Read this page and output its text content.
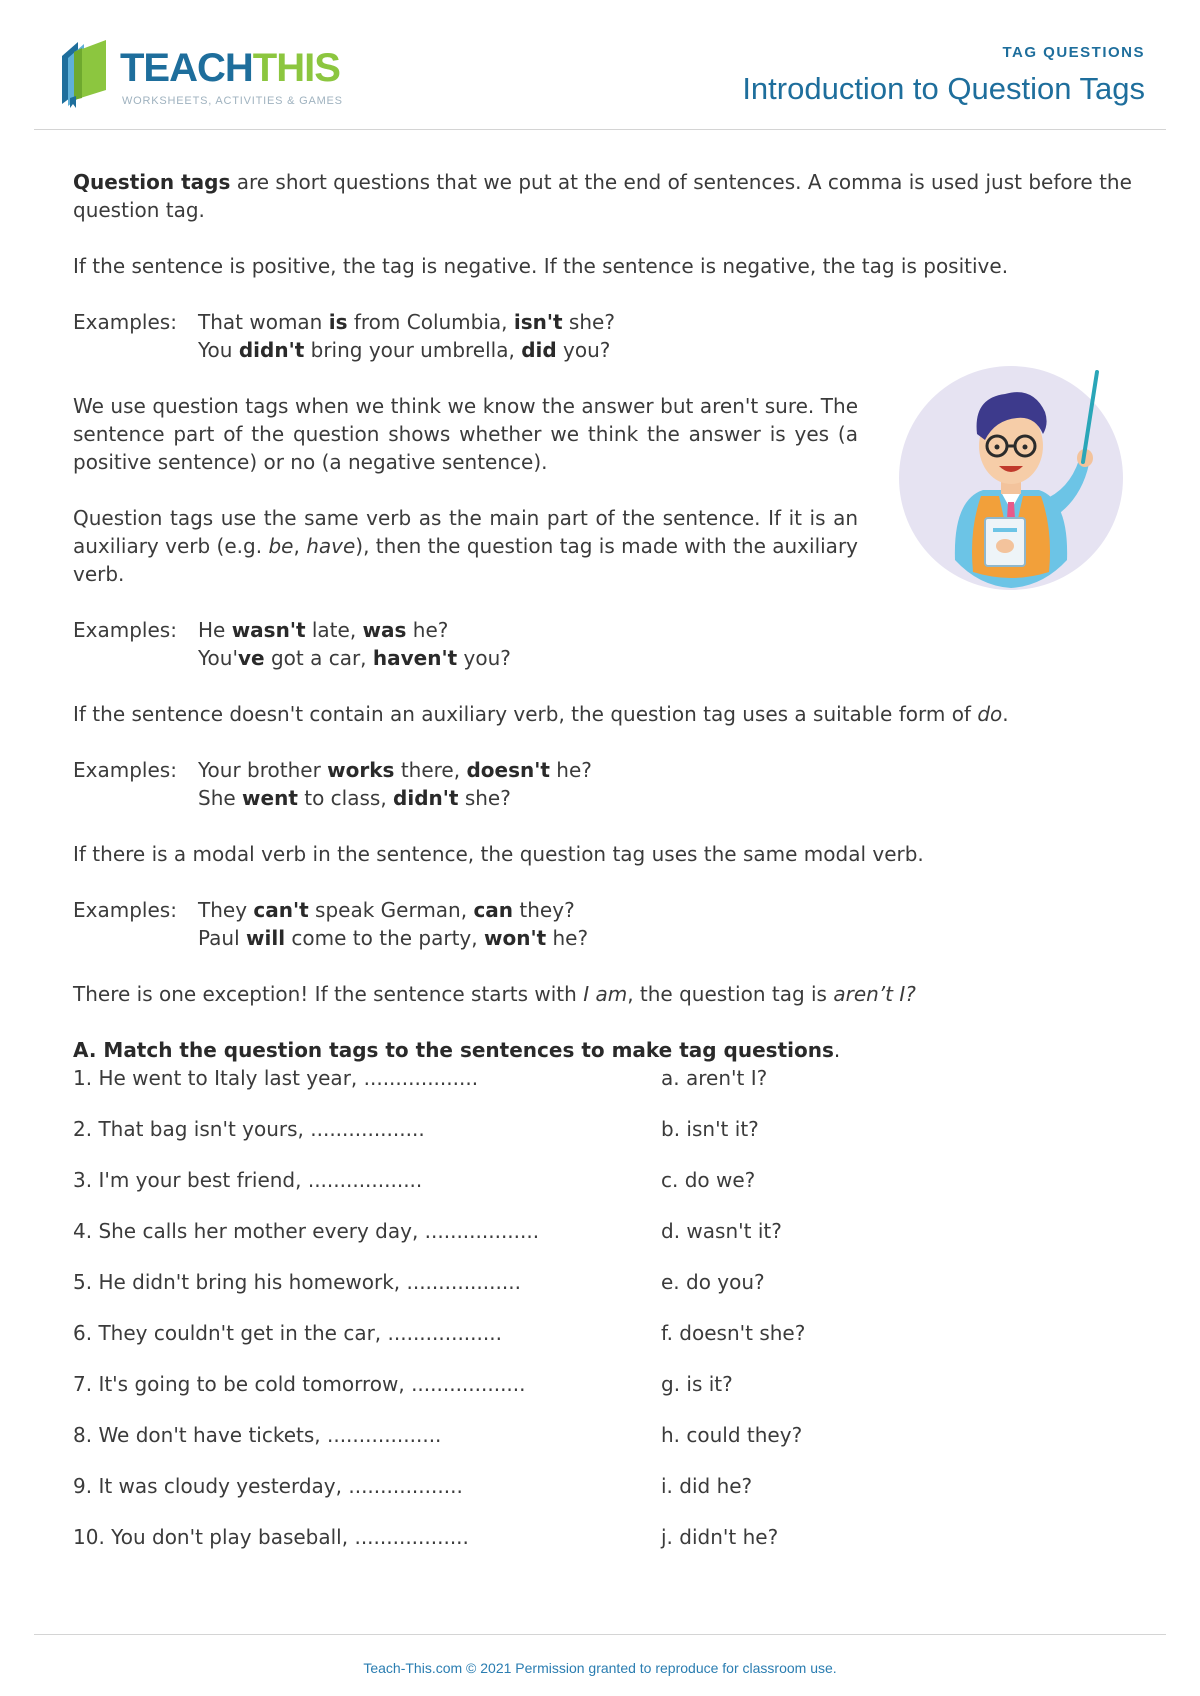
TEACHTHIS
WORKSHEETS, ACTIVITIES & GAMES
TAG QUESTIONS
Introduction to Question Tags

Question tags are short questions that we put at the end of sentences. A comma is used just before the question tag.

If the sentence is positive, the tag is negative. If the sentence is negative, the tag is positive.

Examples:	That woman is from Columbia, isn't she?
You didn't bring your umbrella, did you?

We use question tags when we think we know the answer but aren't sure. The sentence part of the question shows whether we think the answer is yes (a positive sentence) or no (a negative sentence).

Question tags use the same verb as the main part of the sentence. If it is an auxiliary verb (e.g. be, have), then the question tag is made with the auxiliary verb.

Examples:	He wasn't late, was he?
You've got a car, haven't you?

If the sentence doesn't contain an auxiliary verb, the question tag uses a suitable form of do.

Examples:	Your brother works there, doesn't he?
She went to class, didn't she?

If there is a modal verb in the sentence, the question tag uses the same modal verb.

Examples:	They can't speak German, can they?
Paul will come to the party, won't he?

There is one exception! If the sentence starts with I am, the question tag is aren’t I?

A. Match the question tags to the sentences to make tag questions.

1. He went to Italy last year, ..................	a. aren't I?
2. That bag isn't yours, ..................	b. isn't it?
3. I'm your best friend, ..................	c. do we?
4. She calls her mother every day, ..................	d. wasn't it?
5. He didn't bring his homework, ..................	e. do you?
6. They couldn't get in the car, ..................	f. doesn't she?
7. It's going to be cold tomorrow, ..................	g. is it?
8. We don't have tickets, ..................	h. could they?
9. It was cloudy yesterday, ..................	i. did he?
10. You don't play baseball, ..................	j. didn't he?
Teach-This.com © 2021 Permission granted to reproduce for classroom use.
